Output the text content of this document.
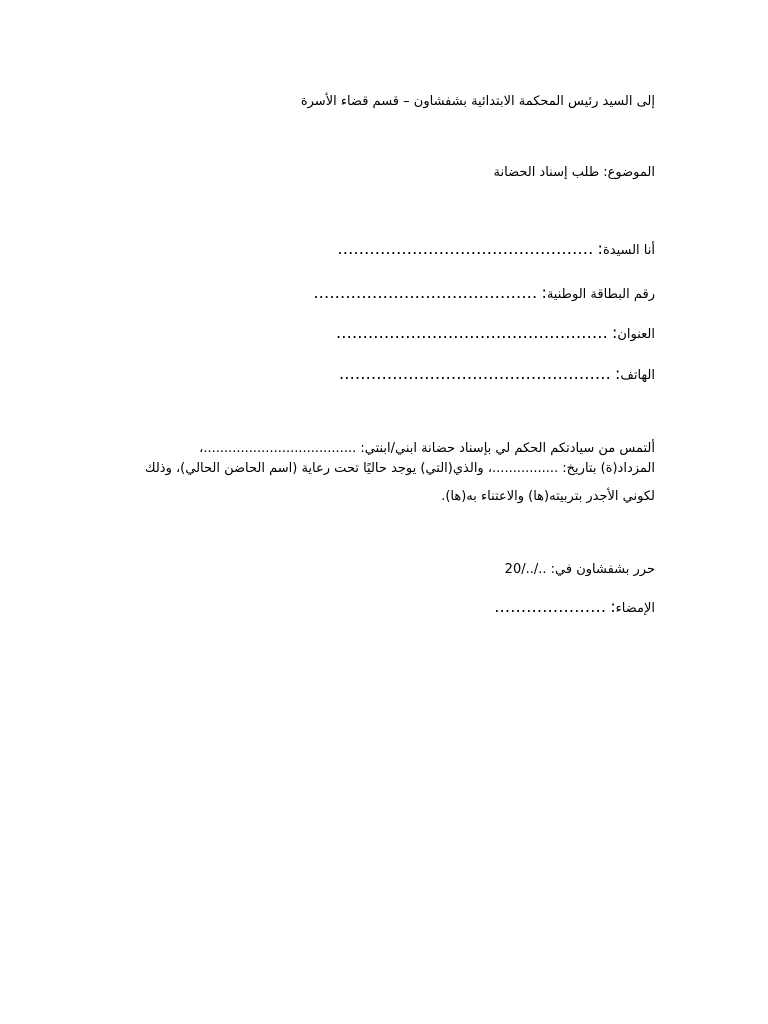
إلى السيد رئيس المحكمة الابتدائية بشفشاون – قسم قضاء الأسرة
الموضوع: طلب إسناد الحضانة
أنا السيدة: …………………………………………
رقم البطاقة الوطنية: ……………………………………
العنوان: ……………………………………………
الهاتف: ……………………………………………
ألتمس من سيادتكم الحكم لي بإسناد حضانة ابني/ابنتي: .....................................،
المزداد(ة) بتاريخ: ................، والذي(التي) يوجد حاليًا تحت رعاية (اسم الحاضن الحالي)، وذلك
لكوني الأجدر بتربيته(ها) والاعتناء به(ها).
حرر بشفشاون في: ../../20
الإمضاء: …………………
